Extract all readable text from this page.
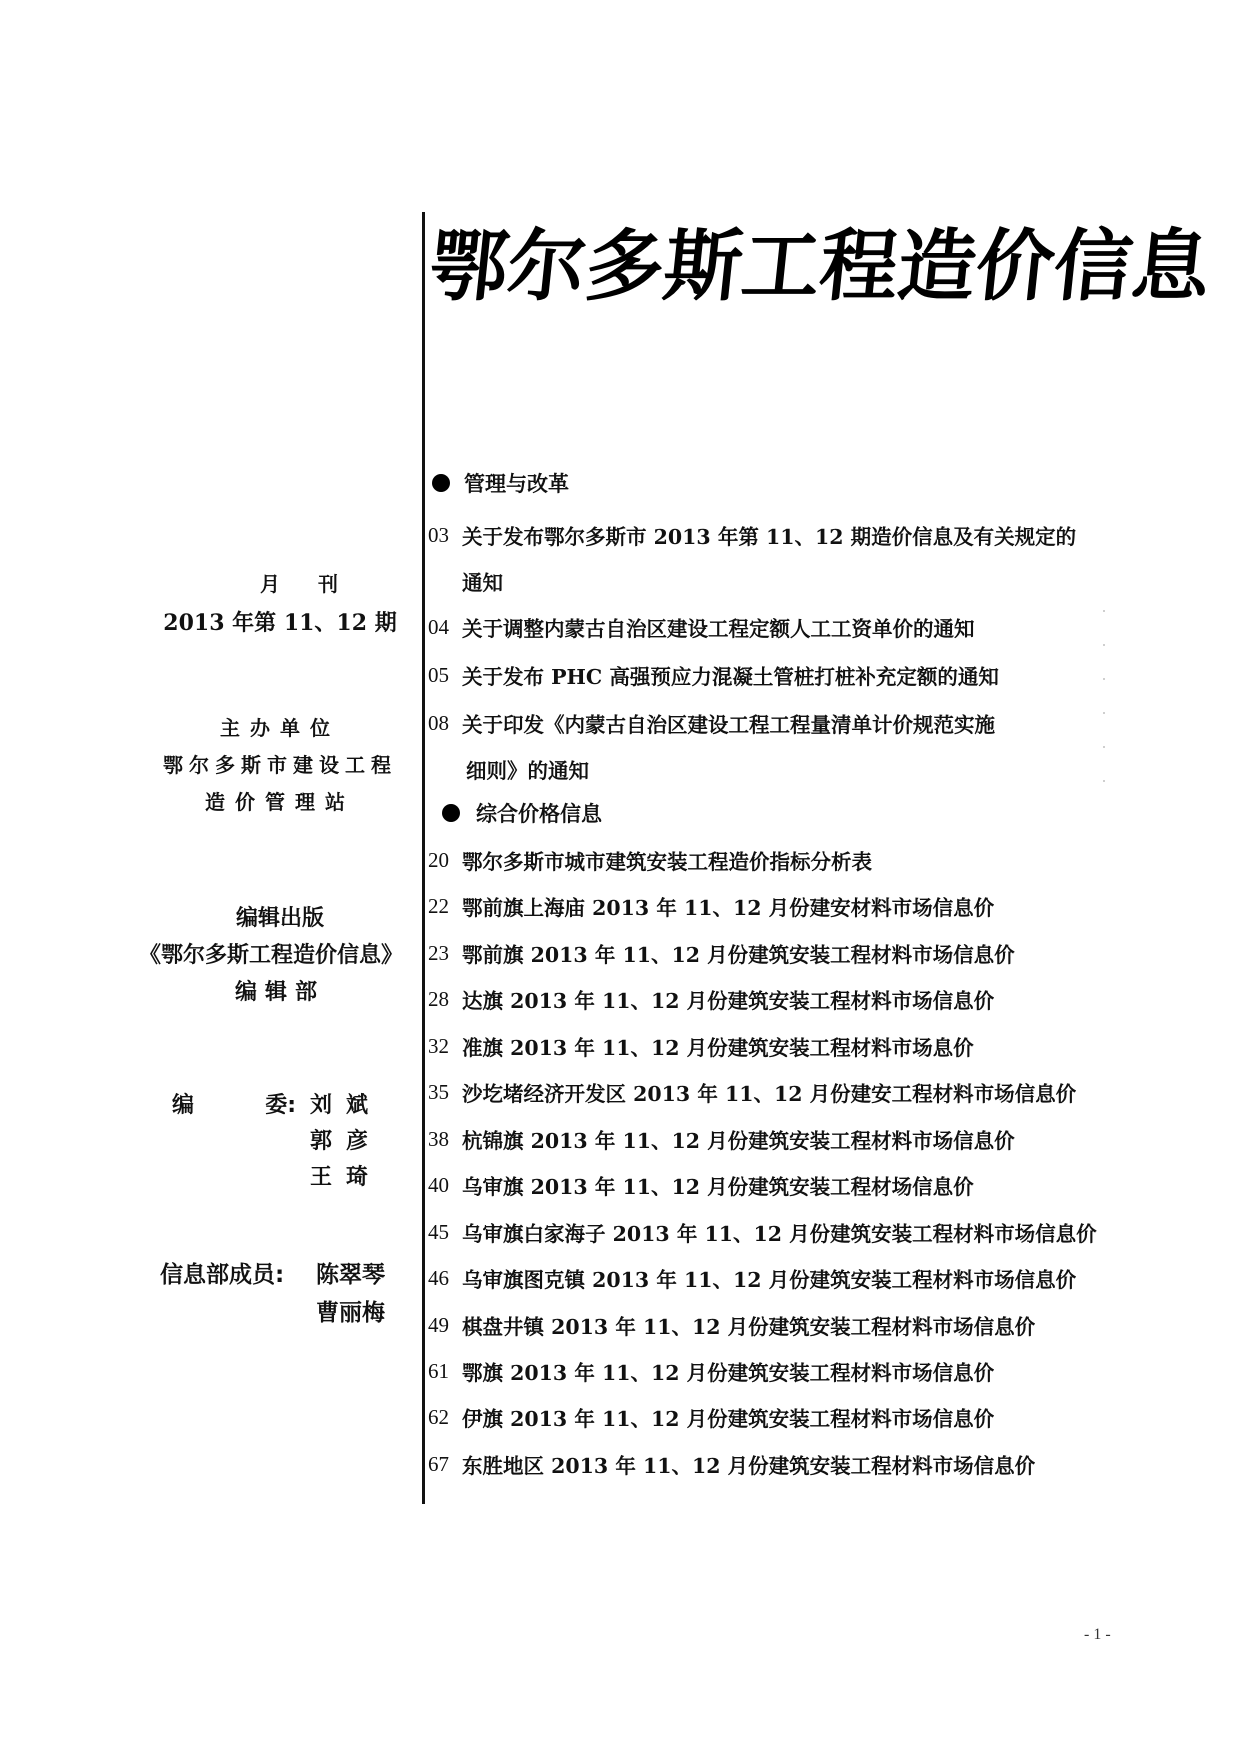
鄂
尔
多
斯
工
程
造
价
信
息
月刊
2013 年第 11、12 期
主办单位
鄂尔多斯市建设工程
造价管理站
编辑出版
《鄂尔多斯工程造价信息》
编辑部
编	委: 刘斌
郭彦
王琦
信息部成员:	陈翠琴
曹丽梅
管理与改革
03 关于发布鄂尔多斯市 2013 年第 11、12 期造价信息及有关规定的
通知
04 关于调整内蒙古自治区建设工程定额人工工资单价的通知
05 关于发布 PHC 高强预应力混凝土管桩打桩补充定额的通知
08 关于印发《内蒙古自治区建设工程工程量清单计价规范实施
细则》的通知
综合价格信息
20 鄂尔多斯市城市建筑安装工程造价指标分析表
22 鄂前旗上海庙 2013 年 11、12 月份建安材料市场信息价
23 鄂前旗 2013 年 11、12 月份建筑安装工程材料市场信息价
28 达旗 2013 年 11、12 月份建筑安装工程材料市场信息价
32 准旗 2013 年 11、12 月份建筑安装工程材料市场息价
35 沙圪堵经济开发区 2013 年 11、12 月份建安工程材料市场信息价
38 杭锦旗 2013 年 11、12 月份建筑安装工程材料市场信息价
40 乌审旗 2013 年 11、12 月份建筑安装工程材场信息价
45 乌审旗白家海子 2013 年 11、12 月份建筑安装工程材料市场信息价
46 乌审旗图克镇 2013 年 11、12 月份建筑安装工程材料市场信息价
49 棋盘井镇 2013 年 11、12 月份建筑安装工程材料市场信息价
61 鄂旗 2013 年 11、12 月份建筑安装工程材料市场信息价
62 伊旗 2013 年 11、12 月份建筑安装工程材料市场信息价
67 东胜地区 2013 年 11、12 月份建筑安装工程材料市场信息价
- 1 -
